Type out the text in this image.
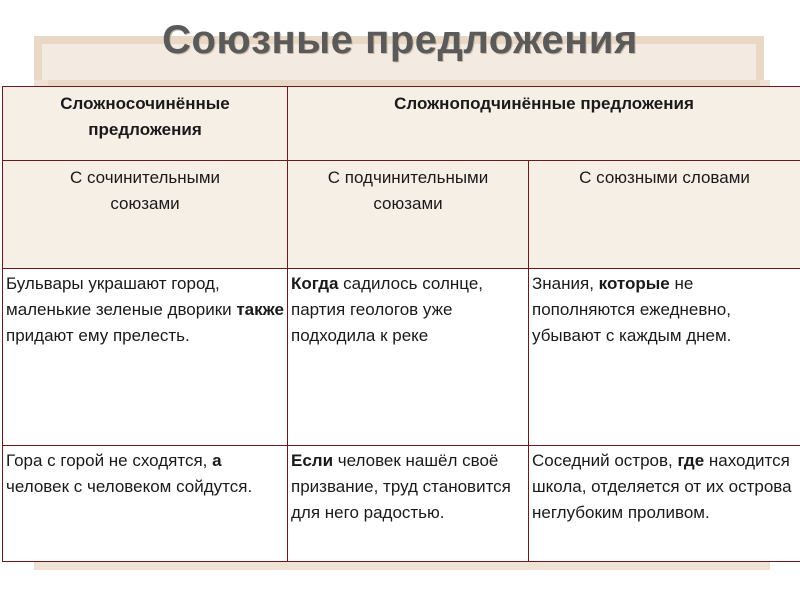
Союзные предложения
Сложносочинённые предложения	Сложноподчинённые предложения	
С сочинительными союзами	С подчинительными союзами	С союзными словами
Бульвары украшают город, маленькие зеленые дворики также придают ему прелесть.	Когда садилось солнце, партия геологов уже подходила к реке	Знания, которые не пополняются ежедневно, убывают с каждым днем.
Гора с горой не сходятся, а человек с человеком сойдутся.	Если человек нашёл своё призвание, труд становится для него радостью.	Соседний остров, где находится школа, отделяется от их острова неглубоким проливом.
